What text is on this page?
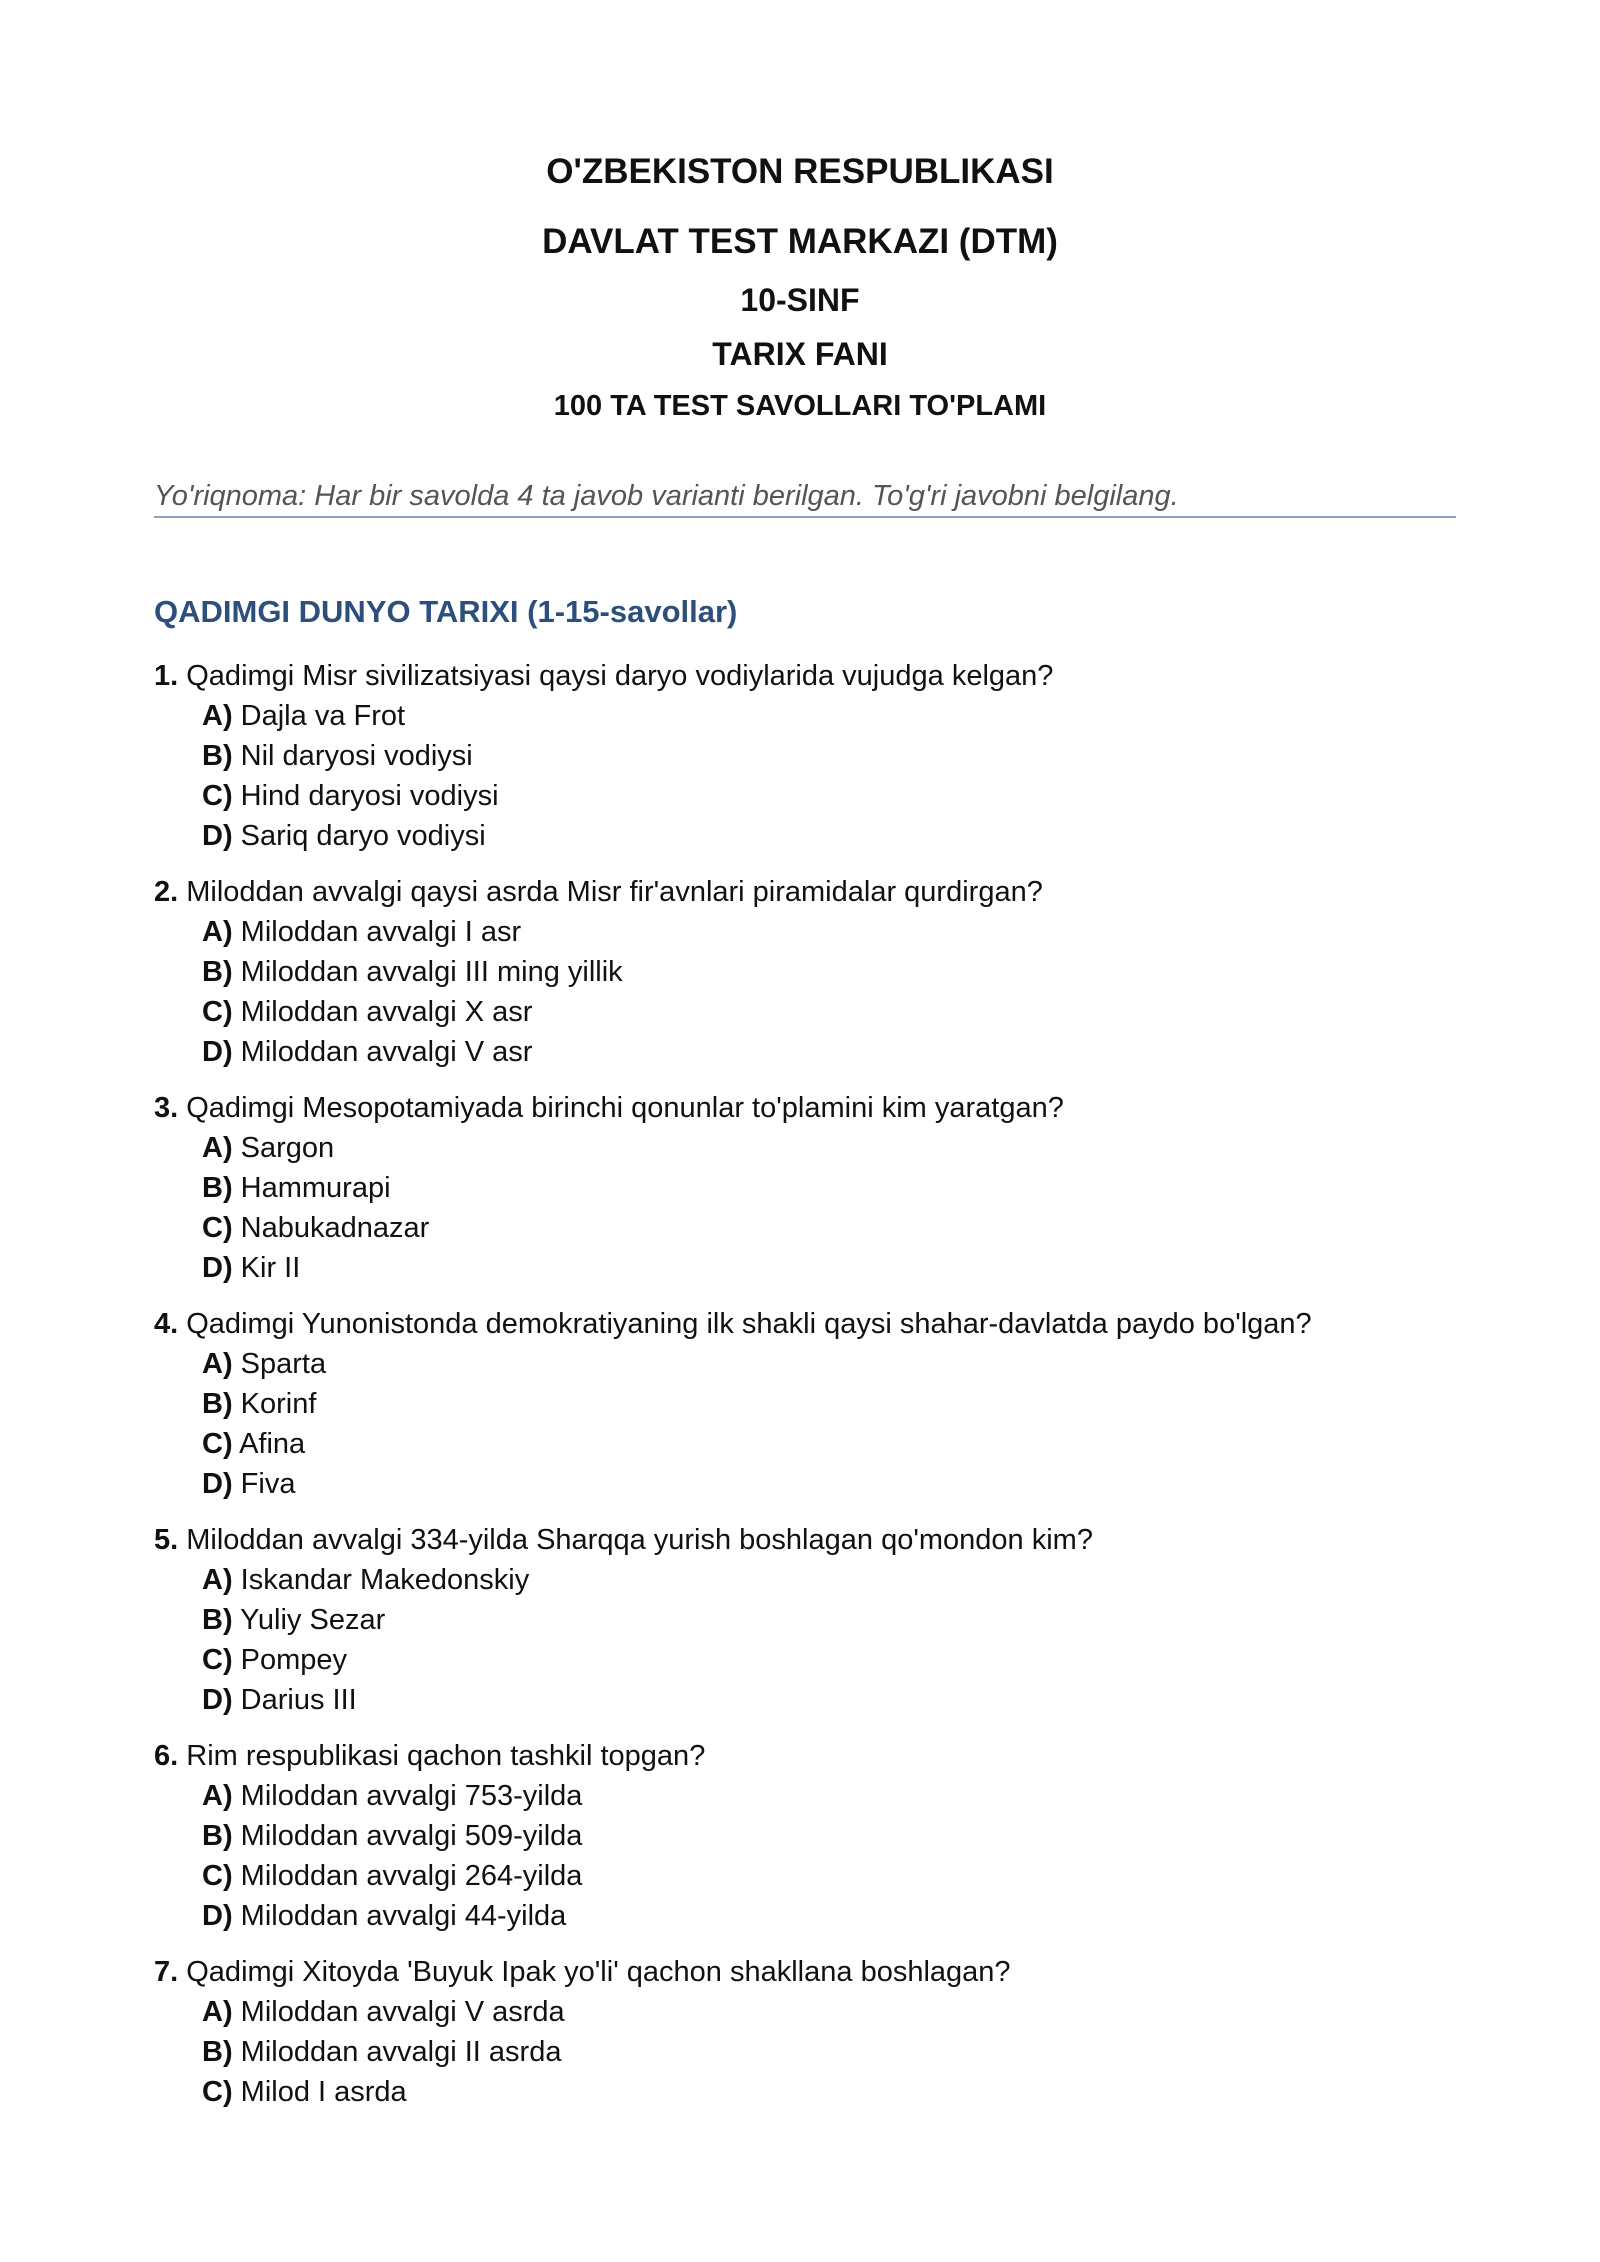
O'ZBEKISTON RESPUBLIKASI
DAVLAT TEST MARKAZI (DTM)
10-SINF
TARIX FANI
100 TA TEST SAVOLLARI TO'PLAMI
Yo'riqnoma: Har bir savolda 4 ta javob varianti berilgan. To'g'ri javobni belgilang.
QADIMGI DUNYO TARIXI (1-15-savollar)
1. Qadimgi Misr sivilizatsiyasi qaysi daryo vodiylarida vujudga kelgan?
A) Dajla va Frot
B) Nil daryosi vodiysi
C) Hind daryosi vodiysi
D) Sariq daryo vodiysi
2. Miloddan avvalgi qaysi asrda Misr fir'avnlari piramidalar qurdirgan?
A) Miloddan avvalgi I asr
B) Miloddan avvalgi III ming yillik
C) Miloddan avvalgi X asr
D) Miloddan avvalgi V asr
3. Qadimgi Mesopotamiyada birinchi qonunlar to'plamini kim yaratgan?
A) Sargon
B) Hammurapi
C) Nabukadnazar
D) Kir II
4. Qadimgi Yunonistonda demokratiyaning ilk shakli qaysi shahar-davlatda paydo bo'lgan?
A) Sparta
B) Korinf
C) Afina
D) Fiva
5. Miloddan avvalgi 334-yilda Sharqqa yurish boshlagan qo'mondon kim?
A) Iskandar Makedonskiy
B) Yuliy Sezar
C) Pompey
D) Darius III
6. Rim respublikasi qachon tashkil topgan?
A) Miloddan avvalgi 753-yilda
B) Miloddan avvalgi 509-yilda
C) Miloddan avvalgi 264-yilda
D) Miloddan avvalgi 44-yilda
7. Qadimgi Xitoyda 'Buyuk Ipak yo'li' qachon shakllana boshlagan?
A) Miloddan avvalgi V asrda
B) Miloddan avvalgi II asrda
C) Milod I asrda
